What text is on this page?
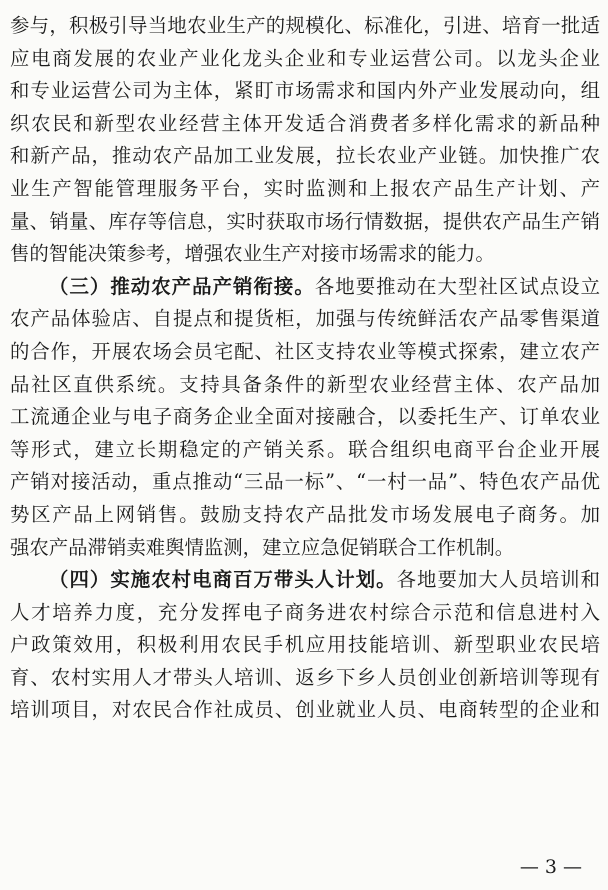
参与，积极引导当地农业生产的规模化、标准化，引进、培育一批适
应电商发展的农业产业化龙头企业和专业运营公司。以龙头企业
和专业运营公司为主体，紧盯市场需求和国内外产业发展动向，组
织农民和新型农业经营主体开发适合消费者多样化需求的新品种
和新产品，推动农产品加工业发展，拉长农业产业链。加快推广农
业生产智能管理服务平台，实时监测和上报农产品生产计划、产
量、销量、库存等信息，实时获取市场行情数据，提供农产品生产销
售的智能决策参考，增强农业生产对接市场需求的能力。
（三）推动农产品产销衔接。各地要推动在大型社区试点设立
农产品体验店、自提点和提货柜，加强与传统鲜活农产品零售渠道
的合作，开展农场会员宅配、社区支持农业等模式探索，建立农产
品社区直供系统。支持具备条件的新型农业经营主体、农产品加
工流通企业与电子商务企业全面对接融合，以委托生产、订单农业
等形式，建立长期稳定的产销关系。联合组织电商平台企业开展
产销对接活动，重点推动“三品一标”、“一村一品”、特色农产品优
势区产品上网销售。鼓励支持农产品批发市场发展电子商务。加
强农产品滞销卖难舆情监测，建立应急促销联合工作机制。
（四）实施农村电商百万带头人计划。各地要加大人员培训和
人才培养力度，充分发挥电子商务进农村综合示范和信息进村入
户政策效用，积极利用农民手机应用技能培训、新型职业农民培
育、农村实用人才带头人培训、返乡下乡人员创业创新培训等现有
培训项目，对农民合作社成员、创业就业人员、电商转型的企业和
— 3 —
